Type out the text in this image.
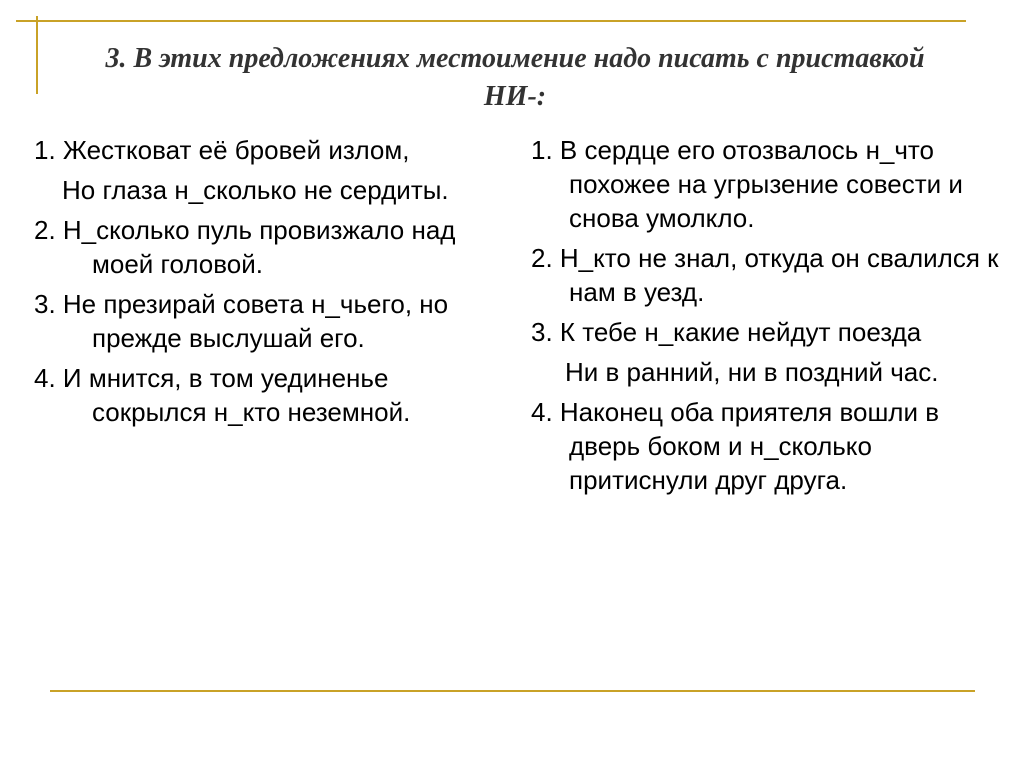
3. В этих предложениях местоимение надо писать с приставкой НИ-:
1. Жестковат её бровей излом,
Но глаза н_сколько не сердиты.
2. Н_сколько пуль провизжало над моей головой.
3. Не презирай совета н_чьего, но прежде выслушай его.
4. И мнится, в том уединенье сокрылся н_кто неземной.
1. В сердце его отозвалось н_что похожее на угрызение совести и снова умолкло.
2. Н_кто не знал, откуда он свалился к нам в уезд.
3. К тебе н_какие нейдут поезда
Ни в ранний, ни в поздний час.
4. Наконец оба приятеля вошли в дверь боком и н_сколько притиснули друг друга.
